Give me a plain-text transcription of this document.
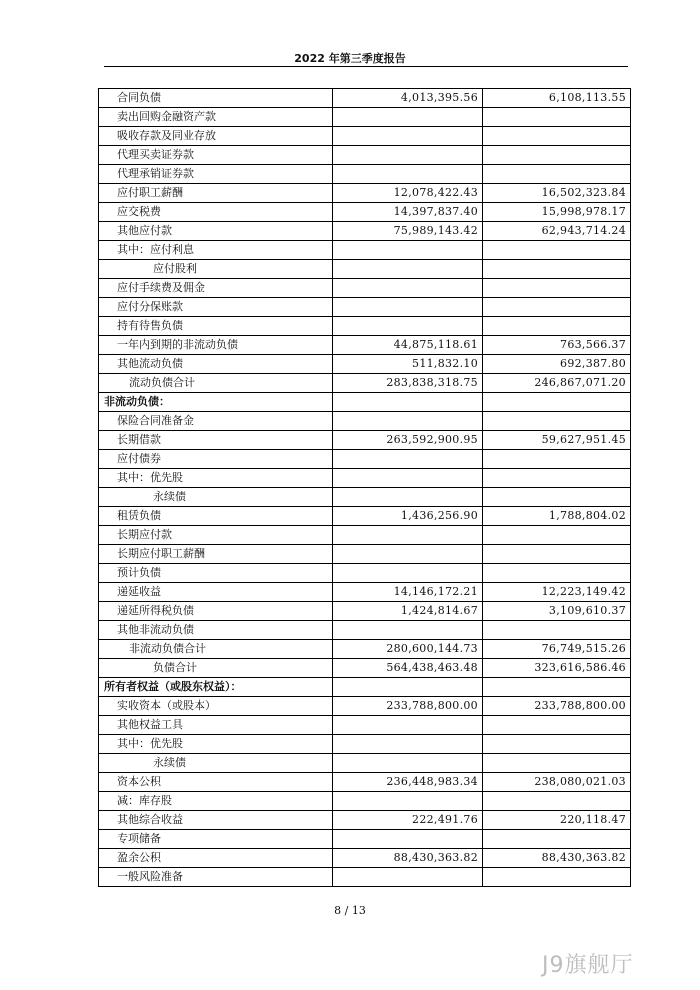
2022 年第三季度报告
合同负债	4,013,395.56	6,108,113.55
卖出回购金融资产款		
吸收存款及同业存放		
代理买卖证券款		
代理承销证券款		
应付职工薪酬	12,078,422.43	16,502,323.84
应交税费	14,397,837.40	15,998,978.17
其他应付款	75,989,143.42	62,943,714.24
其中：应付利息		
应付股利		
应付手续费及佣金		
应付分保账款		
持有待售负债		
一年内到期的非流动负债	44,875,118.61	763,566.37
其他流动负债	511,832.10	692,387.80
流动负债合计	283,838,318.75	246,867,071.20
非流动负债：		
保险合同准备金		
长期借款	263,592,900.95	59,627,951.45
应付债券		
其中：优先股		
永续债		
租赁负债	1,436,256.90	1,788,804.02
长期应付款		
长期应付职工薪酬		
预计负债		
递延收益	14,146,172.21	12,223,149.42
递延所得税负债	1,424,814.67	3,109,610.37
其他非流动负债		
非流动负债合计	280,600,144.73	76,749,515.26
负债合计	564,438,463.48	323,616,586.46
所有者权益（或股东权益）：		
实收资本（或股本）	233,788,800.00	233,788,800.00
其他权益工具		
其中：优先股		
永续债		
资本公积	236,448,983.34	238,080,021.03
减：库存股		
其他综合收益	222,491.76	220,118.47
专项储备		
盈余公积	88,430,363.82	88,430,363.82
一般风险准备		
8 / 13
J9旗舰厅
